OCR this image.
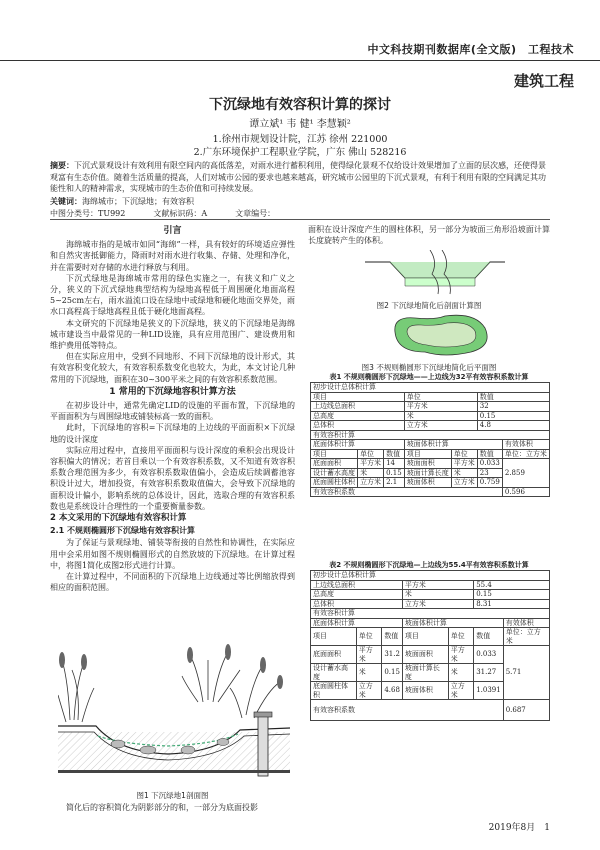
中文科技期刊数据库(全文版)　工程技术
建筑工程
下沉绿地有效容积计算的探讨
谭立斌¹ 韦 健¹ 李慧颖²
1.徐州市规划设计院，江苏 徐州 221000
2.广东环境保护工程职业学院，广东 佛山 528216
摘要：下沉式景观设计有效利用有限空间内的高低落差，对雨水进行蓄积利用，使得绿化景观不仅给设计效果增加了立面的层次感，还使得景观富有生态价值。随着生活质量的提高，人们对城市公园的要求也越来越高，研究城市公园里的下沉式景观，有利于利用有限的空间满足其功能性和人的精神需求，实现城市的生态价值和可持续发展。
关键词：海绵城市；下沉绿地；有效容积
中图分类号：TU992	文献标识码：A	文章编号：
引言

海绵城市指的是城市如同“海绵”一样，具有较好的环境适应弹性和自然灾害抵御能力，降雨时对雨水进行收集、存储、处理和净化，并在需要时对存储的水进行释放与利用。

下沉式绿地是海绵城市常用的绿色实施之一，有狭义和广义之分，狭义的下沉式绿地典型结构为绿地高程低于周围硬化地面高程5~25cm左右，雨水溢流口设在绿地中或绿地和硬化地面交界处，雨水口高程高于绿地高程且低于硬化地面高程。

本文研究的下沉绿地是狭义的下沉绿地，狭义的下沉绿地是海绵城市建设当中最常见的一种LID设施，具有应用范围广、建设费用和维护费用低等特点。

但在实际应用中，受到不同地形、不同下沉绿地的设计形式，其有效容积变化较大，有效容积系数变化也较大，为此，本文讨论几种常用的下沉绿地，面积在30~300平米之间的有效容积系数范围。

1 常用的下沉绿地容积计算方法

在初步设计中，通常先确定LID的设施的平面布置，下沉绿地的平面面积为与周围绿地或铺装标高一致的面积。

此时，下沉绿地的容积=下沉绿地的上边线的平面面积×下沉绿地的设计深度

实际应用过程中，直接用平面面积与设计深度的乘积会出现设计容积偏大的情况；若首目乘以一个有效容积系数，又不知道有效容积系数合理范围为多少，有效容积系数取值偏小，会造成后续调蓄池容积设计过大，增加投资，有效容积系数取值偏大，会导致下沉绿地的面积设计偏小，影响系统的总体设计，因此，选取合理的有效容积系数也是系统设计合理性的一个重要衡量参数。

2 本文采用的下沉绿地有效容积计算
2.1 不规则椭圆形下沉绿地有效容积计算

为了保证与景观绿地、铺装等衔接的自然性和协调性，在实际应用中会采用如图不规则椭圆形式的自然放坡的下沉绿地。在计算过程中，将图1简化成图2形式进行计算。

在计算过程中，不同面积的下沉绿地上边线通过等比例缩放得到相应的面积范围。

图1 下沉绿地1剖面图

简化后的容积简化为阴影部分的和，一部分为底面投影

面积在设计深度产生的圆柱体积，另一部分为坡面三角形沿坡面计算长度旋转产生的体积。

图2 下沉绿地简化后剖面计算图
图3 不规则椭圆形下沉绿地简化后平面图
表1 不规则椭圆形下沉绿地——上边线为32平有效容积系数计算
初步设计总体积计算						
项目			单位		数值	
上边线总面积			平方米		32	
总高度			米		0.15	
总体积			立方米		4.8	
有效容积计算						
底面体积计算			坡面体积计算			有效体积
项目	单位	数值	项目	单位	数值	单位：立方米
底面面积	平方米	14	坡面面积	平方米	0.033	2.859
设计蓄水高度	米	0.15	坡面计算长度	米	23	
底面圆柱体积	立方米	2.1	坡面体积	立方米	0.759	
有效容积系数						0.596
表2 不规则椭圆形下沉绿地—上边线为55.4平有效容积系数计算
初步设计总体积计算						
上边线总面积			平方米		55.4	
总高度			米		0.15	
总体积			立方米		8.31	
有效容积计算						
底面体积计算			坡面体积计算			有效体积
项目	单位	数值	项目	单位	数值	单位：立方米
底面面积	平方米	31.2	坡面面积	平方米	0.033	5.71
设计蓄水高度	米	0.15	坡面计算长度	米	31.27	
底面圆柱体积	立方米	4.68	坡面体积	立方米	1.0391	
有效容积系数						0.687
2019年8月　1
